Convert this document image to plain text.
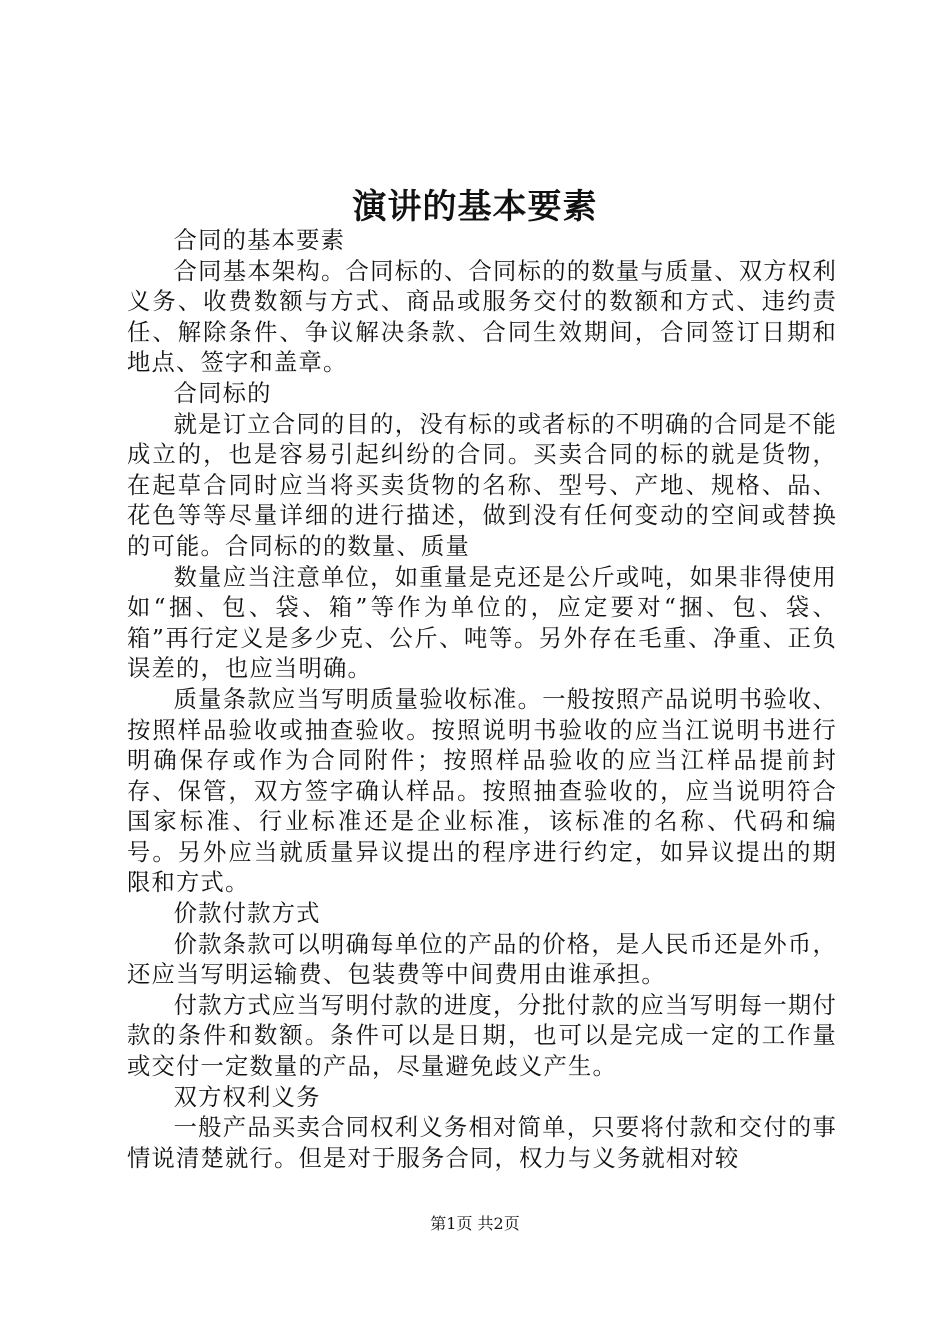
演讲的基本要素

合同的基本要素

合同基本架构。合同标的、合同标的的数量与质量、双方权利义务、收费数额与方式、商品或服务交付的数额和方式、违约责任、解除条件、争议解决条款、合同生效期间，合同签订日期和地点、签字和盖章。

合同标的

就是订立合同的目的，没有标的或者标的不明确的合同是不能成立的，也是容易引起纠纷的合同。买卖合同的标的就是货物，在起草合同时应当将买卖货物的名称、型号、产地、规格、品、花色等等尽量详细的进行描述，做到没有任何变动的空间或替换的可能。合同标的的数量、质量

数量应当注意单位，如重量是克还是公斤或吨，如果非得使用如“捆、包、袋、箱”等作为单位的，应定要对“捆、包、袋、箱”再行定义是多少克、公斤、吨等。另外存在毛重、净重、正负误差的，也应当明确。

质量条款应当写明质量验收标准。一般按照产品说明书验收、按照样品验收或抽查验收。按照说明书验收的应当江说明书进行明确保存或作为合同附件；按照样品验收的应当江样品提前封存、保管，双方签字确认样品。按照抽查验收的，应当说明符合国家标准、行业标准还是企业标准，该标准的名称、代码和编号。另外应当就质量异议提出的程序进行约定，如异议提出的期限和方式。

价款付款方式

价款条款可以明确每单位的产品的价格，是人民币还是外币，还应当写明运输费、包装费等中间费用由谁承担。

付款方式应当写明付款的进度，分批付款的应当写明每一期付款的条件和数额。条件可以是日期，也可以是完成一定的工作量或交付一定数量的产品，尽量避免歧义产生。

双方权利义务

一般产品买卖合同权利义务相对简单，只要将付款和交付的事情说清楚就行。但是对于服务合同，权力与义务就相对较

第1页 共2页
